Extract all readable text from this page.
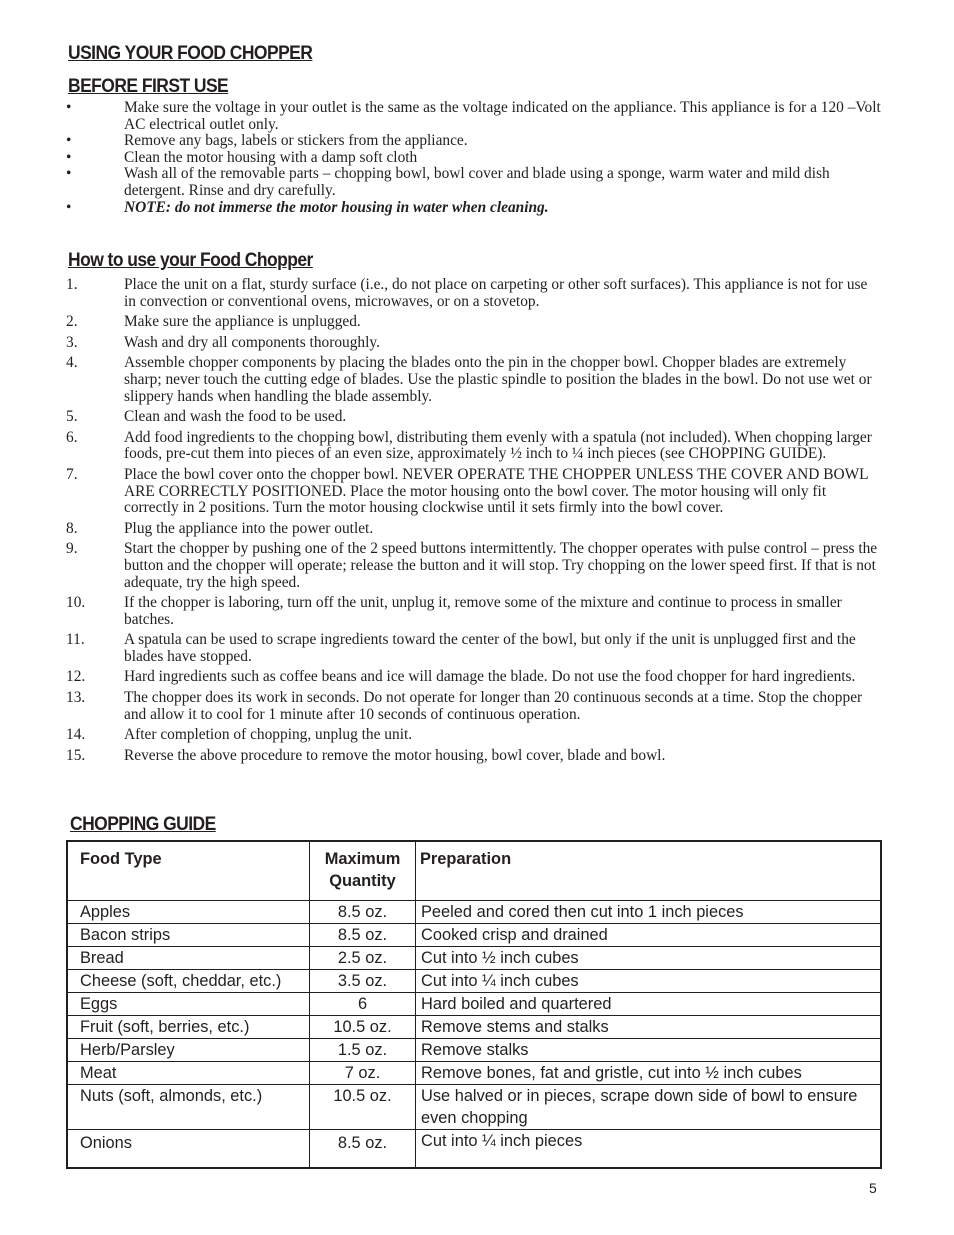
USING YOUR FOOD CHOPPER
BEFORE FIRST USE
•	Make sure the voltage in your outlet is the same as the voltage indicated on the appliance. This appliance is for a 120 –Volt AC electrical outlet only.
•	Remove any bags, labels or stickers from the appliance.
•	Clean the motor housing with a damp soft cloth
•	Wash all of the removable parts – chopping bowl, bowl cover and blade using a sponge, warm water and mild dish detergent. Rinse and dry carefully.
•	NOTE: do not immerse the motor housing in water when cleaning.
How to use your Food Chopper
1.	Place the unit on a flat, sturdy surface (i.e., do not place on carpeting or other soft surfaces). This appliance is not for use in convection or conventional ovens, microwaves, or on a stovetop.
2.	Make sure the appliance is unplugged.
3.	Wash and dry all components thoroughly.
4.	Assemble chopper components by placing the blades onto the pin in the chopper bowl. Chopper blades are extremely sharp; never touch the cutting edge of blades. Use the plastic spindle to position the blades in the bowl. Do not use wet or slippery hands when handling the blade assembly.
5.	Clean and wash the food to be used.
6.	Add food ingredients to the chopping bowl, distributing them evenly with a spatula (not included). When chopping larger foods, pre-cut them into pieces of an even size, approximately ½ inch to ¼ inch pieces (see CHOPPING GUIDE).
7.	Place the bowl cover onto the chopper bowl. NEVER OPERATE THE CHOPPER UNLESS THE COVER AND BOWL ARE CORRECTLY POSITIONED. Place the motor housing onto the bowl cover. The motor housing will only fit correctly in 2 positions. Turn the motor housing clockwise until it sets firmly into the bowl cover.
8.	Plug the appliance into the power outlet.
9.	Start the chopper by pushing one of the 2 speed buttons intermittently. The chopper operates with pulse control – press the button and the chopper will operate; release the button and it will stop. Try chopping on the lower speed first. If that is not adequate, try the high speed.
10.	If the chopper is laboring, turn off the unit, unplug it, remove some of the mixture and continue to process in smaller batches.
11.	A spatula can be used to scrape ingredients toward the center of the bowl, but only if the unit is unplugged first and the blades have stopped.
12.	Hard ingredients such as coffee beans and ice will damage the blade. Do not use the food chopper for hard ingredients.
13.	The chopper does its work in seconds. Do not operate for longer than 20 continuous seconds at a time. Stop the chopper and allow it to cool for 1 minute after 10 seconds of continuous operation.
14.	After completion of chopping, unplug the unit.
15.	Reverse the above procedure to remove the motor housing, bowl cover, blade and bowl.
CHOPPING GUIDE
Food Type	Maximum Quantity	Preparation
Apples	8.5 oz.	Peeled and cored then cut into 1 inch pieces
Bacon strips	8.5 oz.	Cooked crisp and drained
Bread	2.5 oz.	Cut into ½ inch cubes
Cheese (soft, cheddar, etc.)	3.5 oz.	Cut into ¼ inch cubes
Eggs	6	Hard boiled and quartered
Fruit (soft, berries, etc.)	10.5 oz.	Remove stems and stalks
Herb/Parsley	1.5 oz.	Remove stalks
Meat	7 oz.	Remove bones, fat and gristle, cut into ½ inch cubes
Nuts (soft, almonds, etc.)	10.5 oz.	Use halved or in pieces, scrape down side of bowl to ensure even chopping
Onions	8.5 oz.	Cut into ¼ inch pieces
5
